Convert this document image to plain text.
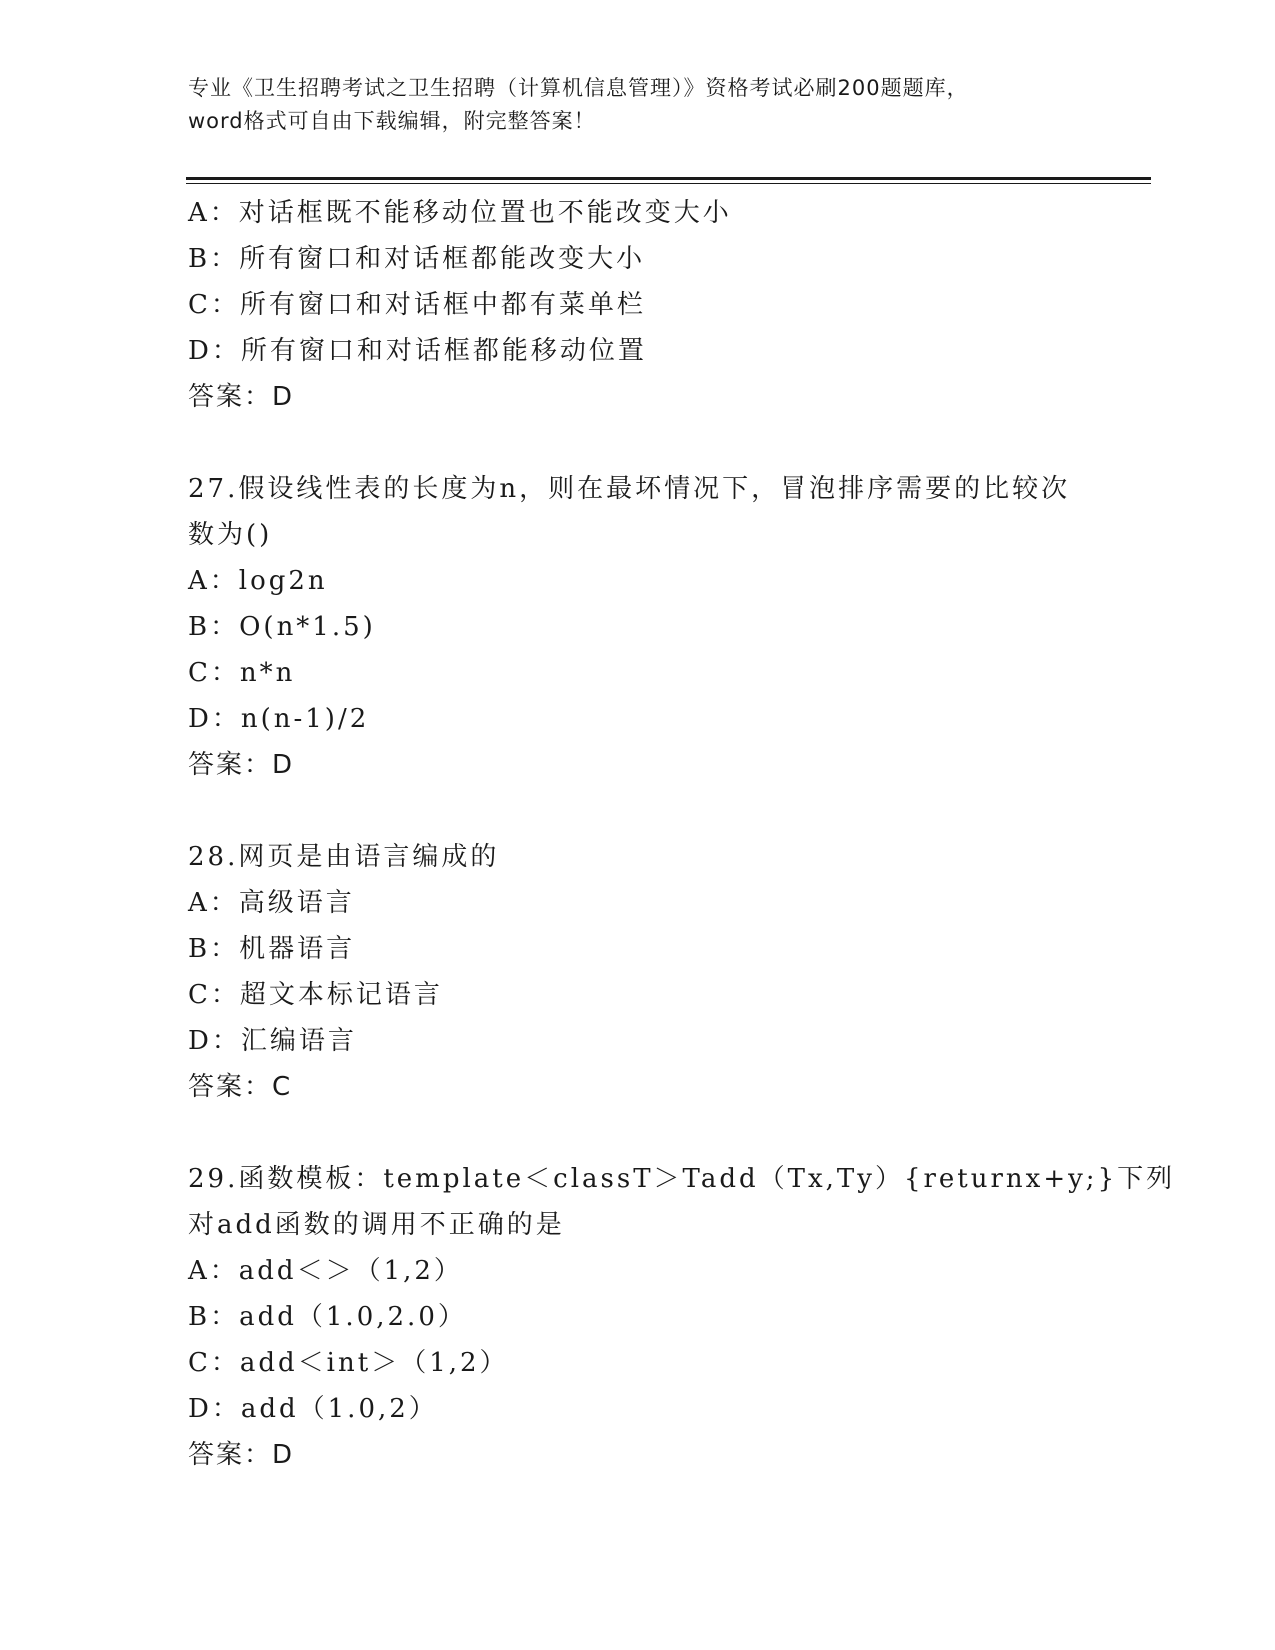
专业《卫生招聘考试之卫生招聘（计算机信息管理）》资格考试必刷200题题库，
word格式可自由下载编辑，附完整答案！
A：对话框既不能移动位置也不能改变大小
B：所有窗口和对话框都能改变大小
C：所有窗口和对话框中都有菜单栏
D：所有窗口和对话框都能移动位置
答案：D
27.假设线性表的长度为n，则在最坏情况下，冒泡排序需要的比较次
数为()
A：log2n
B：O(n*1.5)
C：n*n
D：n(n-1)/2
答案：D
28.网页是由语言编成的
A：高级语言
B：机器语言
C：超文本标记语言
D：汇编语言
答案：C
29.函数模板：template＜classT＞Tadd（Tx,Ty）{returnx+y;}下列
对add函数的调用不正确的是
A：add＜＞（1,2）
B：add（1.0,2.0）
C：add＜int＞（1,2）
D：add（1.0,2）
答案：D
